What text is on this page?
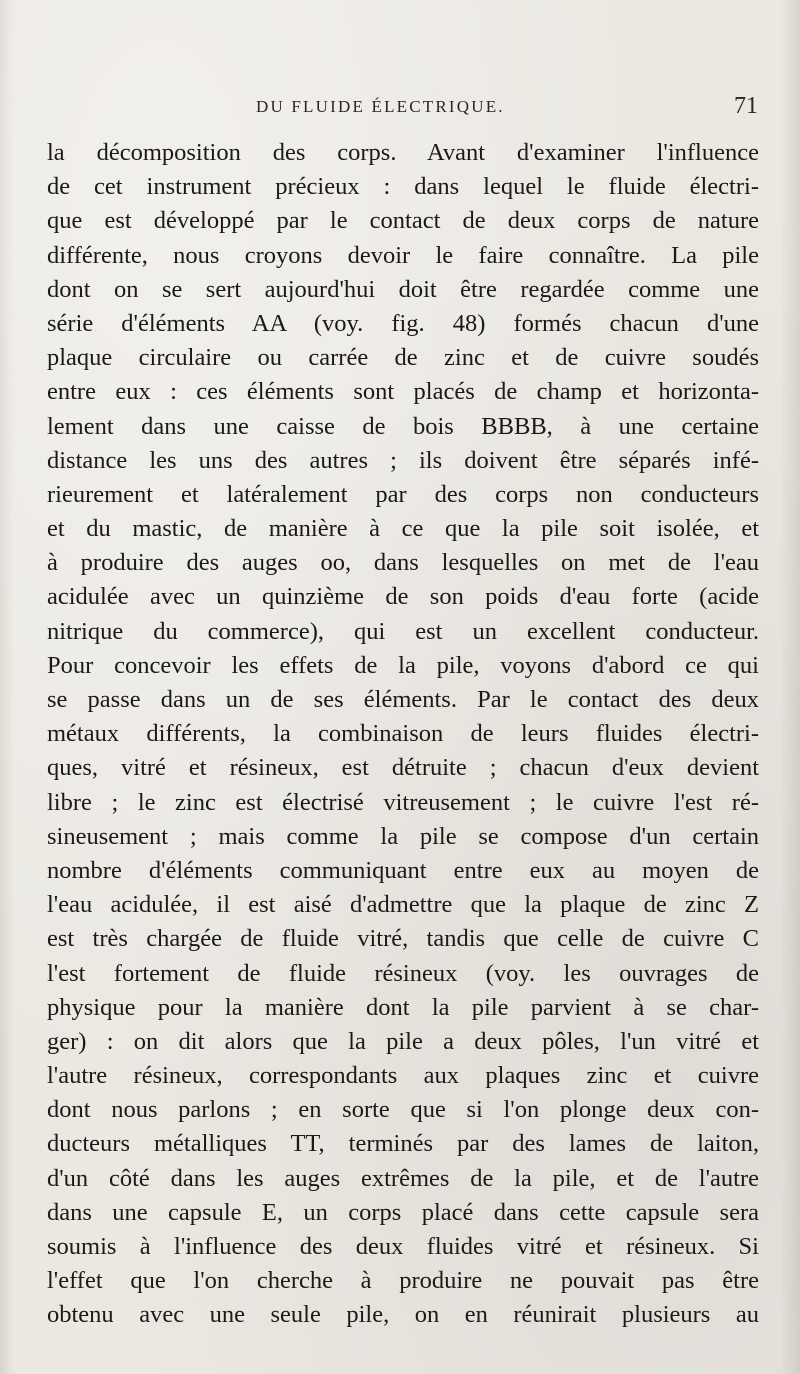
DU FLUIDE ÉLECTRIQUE.	71
la décomposition des corps. Avant d'examiner l'influence
de cet instrument précieux : dans lequel le fluide électri-
que est développé par le contact de deux corps de nature
différente, nous croyons devoir le faire connaître. La pile
dont on se sert aujourd'hui doit être regardée comme une
série d'éléments AA (voy. fig. 48) formés chacun d'une
plaque circulaire ou carrée de zinc et de cuivre soudés
entre eux : ces éléments sont placés de champ et horizonta-
lement dans une caisse de bois BBBB, à une certaine
distance les uns des autres ; ils doivent être séparés infé-
rieurement et latéralement par des corps non conducteurs
et du mastic, de manière à ce que la pile soit isolée, et
à produire des auges oo, dans lesquelles on met de l'eau
acidulée avec un quinzième de son poids d'eau forte (acide
nitrique du commerce), qui est un excellent conducteur.
Pour concevoir les effets de la pile, voyons d'abord ce qui
se passe dans un de ses éléments. Par le contact des deux
métaux différents, la combinaison de leurs fluides électri-
ques, vitré et résineux, est détruite ; chacun d'eux devient
libre ; le zinc est électrisé vitreusement ; le cuivre l'est ré-
sineusement ; mais comme la pile se compose d'un certain
nombre d'éléments communiquant entre eux au moyen de
l'eau acidulée, il est aisé d'admettre que la plaque de zinc Z
est très chargée de fluide vitré, tandis que celle de cuivre C
l'est fortement de fluide résineux (voy. les ouvrages de
physique pour la manière dont la pile parvient à se char-
ger) : on dit alors que la pile a deux pôles, l'un vitré et
l'autre résineux, correspondants aux plaques zinc et cuivre
dont nous parlons ; en sorte que si l'on plonge deux con-
ducteurs métalliques TT, terminés par des lames de laiton,
d'un côté dans les auges extrêmes de la pile, et de l'autre
dans une capsule E, un corps placé dans cette capsule sera
soumis à l'influence des deux fluides vitré et résineux. Si
l'effet que l'on cherche à produire ne pouvait pas être
obtenu avec une seule pile, on en réunirait plusieurs au
